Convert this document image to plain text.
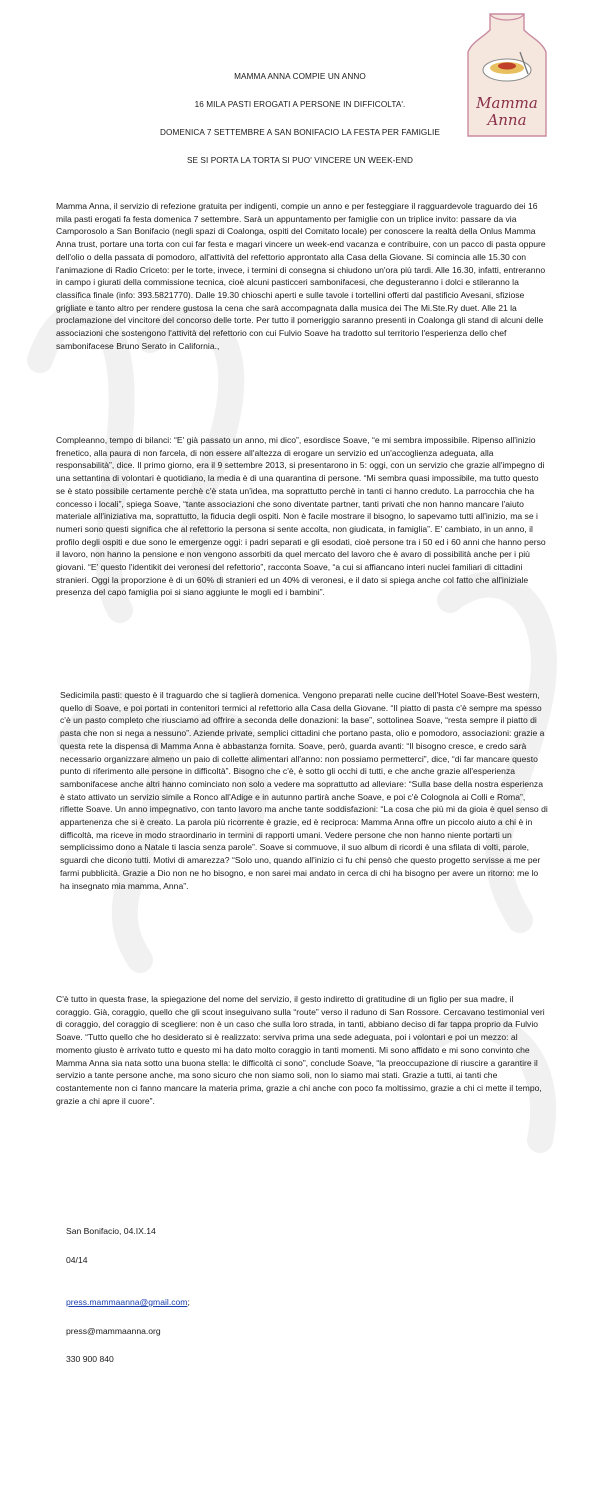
Mamma
Anna

MAMMA ANNA COMPIE UN ANNO

16 MILA PASTI EROGATI A PERSONE IN DIFFICOLTA'.

DOMENICA 7 SETTEMBRE A SAN BONIFACIO LA FESTA PER FAMIGLIE

SE SI PORTA LA TORTA SI PUO' VINCERE UN WEEK-END

Mamma Anna, il servizio di refezione gratuita per indigenti, compie un anno e per festeggiare il ragguardevole traguardo dei 16 mila pasti erogati fa festa domenica 7 settembre. Sarà un appuntamento per famiglie con un triplice invito: passare da via Camporosolo a San Bonifacio (negli spazi di Coalonga, ospiti del Comitato locale) per conoscere la realtà della Onlus Mamma Anna trust, portare una torta con cui far festa e magari vincere un week-end vacanza e contribuire, con un pacco di pasta oppure dell'olio o della passata di pomodoro, all'attività del refettorio approntato alla Casa della Giovane. Si comincia alle 15.30 con l'animazione di Radio Criceto: per le torte, invece, i termini di consegna si chiudono un'ora più tardi. Alle 16.30, infatti, entreranno in campo i giurati della commissione tecnica, cioè alcuni pasticceri sambonifacesi, che degusteranno i dolci e stileranno la classifica finale (info: 393.5821770). Dalle 19.30 chioschi aperti e sulle tavole i tortellini offerti dal pastificio Avesani, sfiziose grigliate e tanto altro per rendere gustosa la cena che sarà accompagnata dalla musica dei The Mi.Ste.Ry duet. Alle 21 la proclamazione del vincitore del concorso delle torte. Per tutto il pomeriggio saranno presenti in Coalonga gli stand di alcuni delle associazioni che sostengono l'attività del refettorio con cui Fulvio Soave ha tradotto sul territorio l'esperienza dello chef sambonifacese Bruno Serato in California.,
Compleanno, tempo di bilanci: “E' già passato un anno, mi dico”, esordisce Soave, “e mi sembra impossibile. Ripenso all'inizio frenetico, alla paura di non farcela, di non essere all'altezza di erogare un servizio ed un'accoglienza adeguata, alla responsabilità”, dice. Il primo giorno, era il 9 settembre 2013, si presentarono in 5: oggi, con un servizio che grazie all'impegno di una settantina di volontari è quotidiano, la media è di una quarantina di persone. “Mi sembra quasi impossibile, ma tutto questo se è stato possibile certamente perchè c'è stata un'idea, ma soprattutto perchè in tanti ci hanno creduto. La parrocchia che ha concesso i locali”, spiega Soave, “tante associazioni che sono diventate partner, tanti privati che non hanno mancare l'aiuto materiale all'iniziativa ma, soprattutto, la fiducia degli ospiti. Non è facile mostrare il bisogno, lo sapevamo tutti all'inizio, ma se i numeri sono questi significa che al refettorio la persona si sente accolta, non giudicata, in famiglia”. E' cambiato, in un anno, il profilo degli ospiti e due sono le emergenze oggi: i padri separati e gli esodati, cioè persone tra i 50 ed i 60 anni che hanno perso il lavoro, non hanno la pensione e non vengono assorbiti da quel mercato del lavoro che è avaro di possibilità anche per i più giovani. “E' questo l'identikit dei veronesi del refettorio”, racconta Soave, “a cui si affiancano interi nuclei familiari di cittadini stranieri. Oggi la proporzione è di un 60% di stranieri ed un 40% di veronesi, e il dato si spiega anche col fatto che all'iniziale presenza del capo famiglia poi si siano aggiunte le mogli ed i bambini”.
Sedicimila pasti: questo è il traguardo che si taglierà domenica. Vengono preparati nelle cucine dell'Hotel Soave-Best western, quello di Soave, e poi portati in contenitori termici al refettorio alla Casa della Giovane. “Il piatto di pasta c'è sempre ma spesso c'è un pasto completo che riusciamo ad offrire a seconda delle donazioni: la base”, sottolinea Soave, “resta sempre il piatto di pasta che non si nega a nessuno”. Aziende private, semplici cittadini che portano pasta, olio e pomodoro, associazioni: grazie a questa rete la dispensa di Mamma Anna è abbastanza fornita. Soave, però, guarda avanti: “Il bisogno cresce, e credo sarà necessario organizzare almeno un paio di collette alimentari all'anno: non possiamo permetterci”, dice, “di far mancare questo punto di riferimento alle persone in difficoltà”. Bisogno che c'è, è sotto gli occhi di tutti, e che anche grazie all'esperienza sambonifacese anche altri hanno cominciato non solo a vedere ma soprattutto ad alleviare: “Sulla base della nostra esperienza è stato attivato un servizio simile a Ronco all'Adige e in autunno partirà anche Soave, e poi c'è Colognola ai Colli e Roma”, riflette Soave. Un anno impegnativo, con tanto lavoro ma anche tante soddisfazioni: “La cosa che più mi da gioia è quel senso di appartenenza che si è creato. La parola più ricorrente è grazie, ed è reciproca: Mamma Anna offre un piccolo aiuto a chi è in difficoltà, ma riceve in modo straordinario in termini di rapporti umani. Vedere persone che non hanno niente portarti un semplicissimo dono a Natale ti lascia senza parole”. Soave si commuove, il suo album di ricordi è una sfilata di volti, parole, sguardi che dicono tutti. Motivi di amarezza? “Solo uno, quando all'inizio ci fu chi pensò che questo progetto servisse a me per farmi pubblicità. Grazie a Dio non ne ho bisogno, e non sarei mai andato in cerca di chi ha bisogno per avere un ritorno: me lo ha insegnato mia mamma, Anna”.
C'è tutto in questa frase, la spiegazione del nome del servizio, il gesto indiretto di gratitudine di un figlio per sua madre, il coraggio. Già, coraggio, quello che gli scout inseguivano sulla “route” verso il raduno di San Rossore. Cercavano testimonial veri di coraggio, del coraggio di scegliere: non è un caso che sulla loro strada, in tanti, abbiano deciso di far tappa proprio da Fulvio Soave. “Tutto quello che ho desiderato si è realizzato: serviva prima una sede adeguata, poi i volontari e poi un mezzo: al momento giusto è arrivato tutto e questo mi ha dato molto coraggio in tanti momenti. Mi sono affidato e mi sono convinto che Mamma Anna sia nata sotto una buona stella: le difficoltà ci sono”, conclude Soave, “la preoccupazione di riuscire a garantire il servizio a tante persone anche, ma sono sicuro che non siamo soli, non lo siamo mai stati. Grazie a tutti, ai tanti che costantemente non ci fanno mancare la materia prima, grazie a chi anche con poco fa moltissimo, grazie a chi ci mette il tempo, grazie a chi apre il cuore”.
San Bonifacio, 04.IX.14
04/14
press.mammaanna@gmail.com;
press@mammaanna.org
330 900 840
